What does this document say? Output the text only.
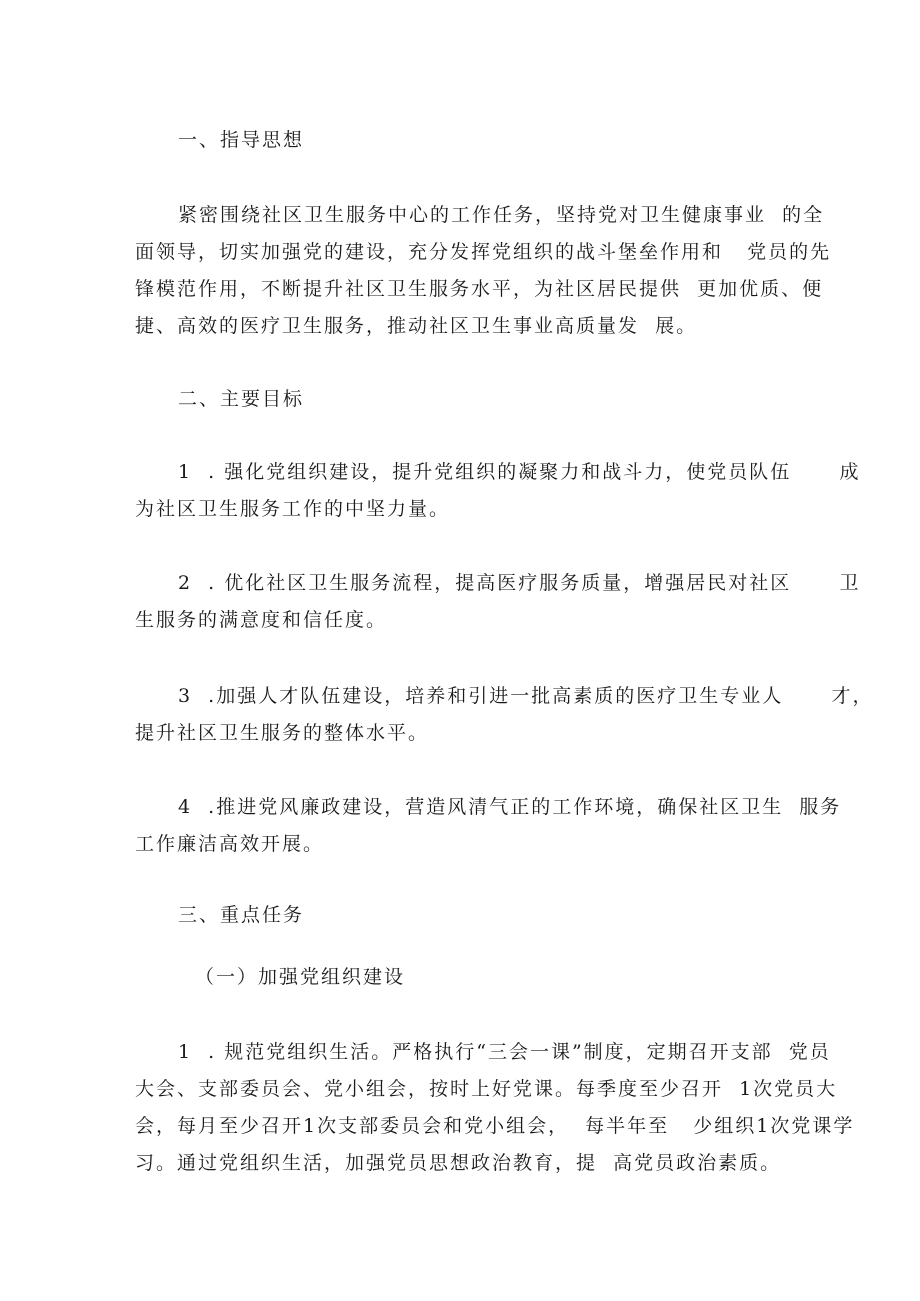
一、指导思想
紧密围绕社区卫生服务中心的工作任务，坚持党对卫生健康事业  的全
面领导，切实加强党的建设，充分发挥党组织的战斗堡垒作用和   党员的先
锋模范作用，不断提升社区卫生服务水平，为社区居民提供  更加优质、便
捷、高效的医疗卫生服务，推动社区卫生事业高质量发  展。
二、主要目标
1  . 强化党组织建设，提升党组织的凝聚力和战斗力，使党员队伍      成
为社区卫生服务工作的中坚力量。
2  . 优化社区卫生服务流程，提高医疗服务质量，增强居民对社区      卫
生服务的满意度和信任度。
3  .加强人才队伍建设，培养和引进一批高素质的医疗卫生专业人      才，
提升社区卫生服务的整体水平。
4  .推进党风廉政建设，营造风清气正的工作环境，确保社区卫生  服务
工作廉洁高效开展。
三、重点任务
（一）加强党组织建设
1  . 规范党组织生活。严格执行“三会一课”制度，定期召开支部  党员
大会、支部委员会、党小组会，按时上好党课。每季度至少召开  1次党员大
会，每月至少召开1次支部委员会和党小组会，  每半年至   少组织1次党课学
习。通过党组织生活，加强党员思想政治教育，提  高党员政治素质。
